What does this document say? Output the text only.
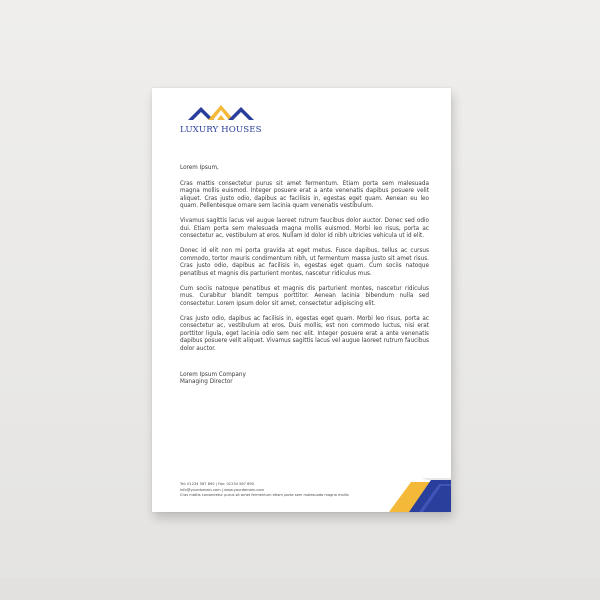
LUXURY HOUSES
Lorem Ipsum,

Cras mattis consectetur purus sit amet fermentum. Etiam porta sem malesuada magna mollis euismod. Integer posuere erat a ante venenatis dapibus posuere velit aliquet. Cras justo odio, dapibus ac facilisis in, egestas eget quam. Aenean eu leo quam. Pellentesque ornare sem lacinia quam venenatis vestibulum.

Vivamus sagittis lacus vel augue laoreet rutrum faucibus dolor auctor. Donec sed odio dui. Etiam porta sem malesuada magna mollis euismod. Morbi leo risus, porta ac consectetur ac, vestibulum at eros. Nullam id dolor id nibh ultricies vehicula ut id elit.

Donec id elit non mi porta gravida at eget metus. Fusce dapibus, tellus ac cursus commodo, tortor mauris condimentum nibh, ut fermentum massa justo sit amet risus. Cras justo odio, dapibus ac facilisis in, egestas eget quam. Cum sociis natoque penatibus et magnis dis parturient montes, nascetur ridiculus mus.

Cum sociis natoque penatibus et magnis dis parturient montes, nascetur ridiculus mus. Curabitur blandit tempus porttitor. Aenean lacinia bibendum nulla sed consectetur. Lorem ipsum dolor sit amet, consectetur adipiscing elit.

Cras justo odio, dapibus ac facilisis in, egestas eget quam. Morbi leo risus, porta ac consectetur ac, vestibulum at eros. Duis mollis, est non commodo luctus, nisi erat porttitor ligula, eget lacinia odio sem nec elit. Integer posuere erat a ante venenatis dapibus posuere velit aliquet. Vivamus sagittis lacus vel augue laoreet rutrum faucibus dolor auctor.

Lorem Ipsum Company
Managing Director
Tel: 01234 567 890 | Fax: 01234 567 890
info@yourdomain.com | www.yourdomain.com
Cras mattis consectetur purus sit amet fermentum etiam porta sem malesuada magna mollis
